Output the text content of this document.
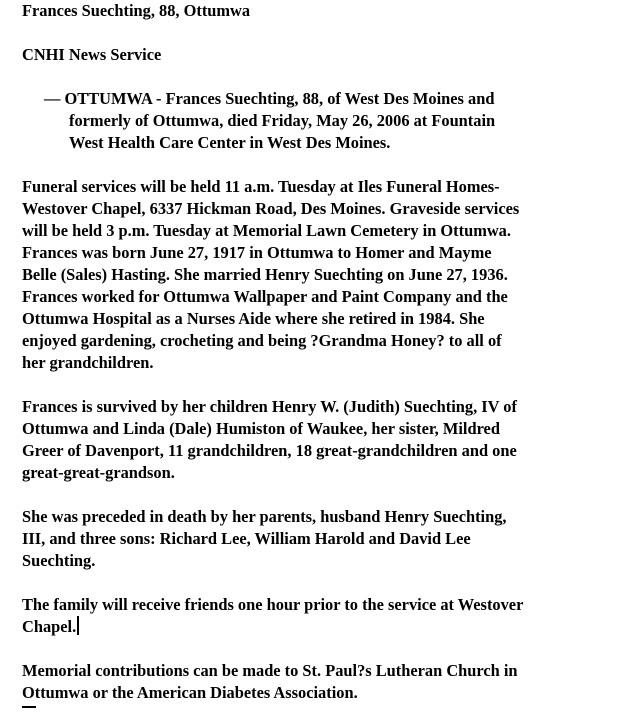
Frances Suechting, 88, Ottumwa
CNHI News Service
— OTTUMWA - Frances Suechting, 88, of West Des Moines and
formerly of Ottumwa, died Friday, May 26, 2006 at Fountain
West Health Care Center in West Des Moines.
Funeral services will be held 11 a.m. Tuesday at Iles Funeral Homes-
Westover Chapel, 6337 Hickman Road, Des Moines. Graveside services
will be held 3 p.m. Tuesday at Memorial Lawn Cemetery in Ottumwa.
Frances was born June 27, 1917 in Ottumwa to Homer and Mayme
Belle (Sales) Hasting. She married Henry Suechting on June 27, 1936.
Frances worked for Ottumwa Wallpaper and Paint Company and the
Ottumwa Hospital as a Nurses Aide where she retired in 1984. She
enjoyed gardening, crocheting and being ?Grandma Honey? to all of
her grandchildren.
Frances is survived by her children Henry W. (Judith) Suechting, IV of
Ottumwa and Linda (Dale) Humiston of Waukee, her sister, Mildred
Greer of Davenport, 11 grandchildren, 18 great-grandchildren and one
great-great-grandson.
She was preceded in death by her parents, husband Henry Suechting,
III, and three sons: Richard Lee, William Harold and David Lee
Suechting.
The family will receive friends one hour prior to the service at Westover
Chapel.
Memorial contributions can be made to St. Paul?s Lutheran Church in
Ottumwa or the American Diabetes Association.
